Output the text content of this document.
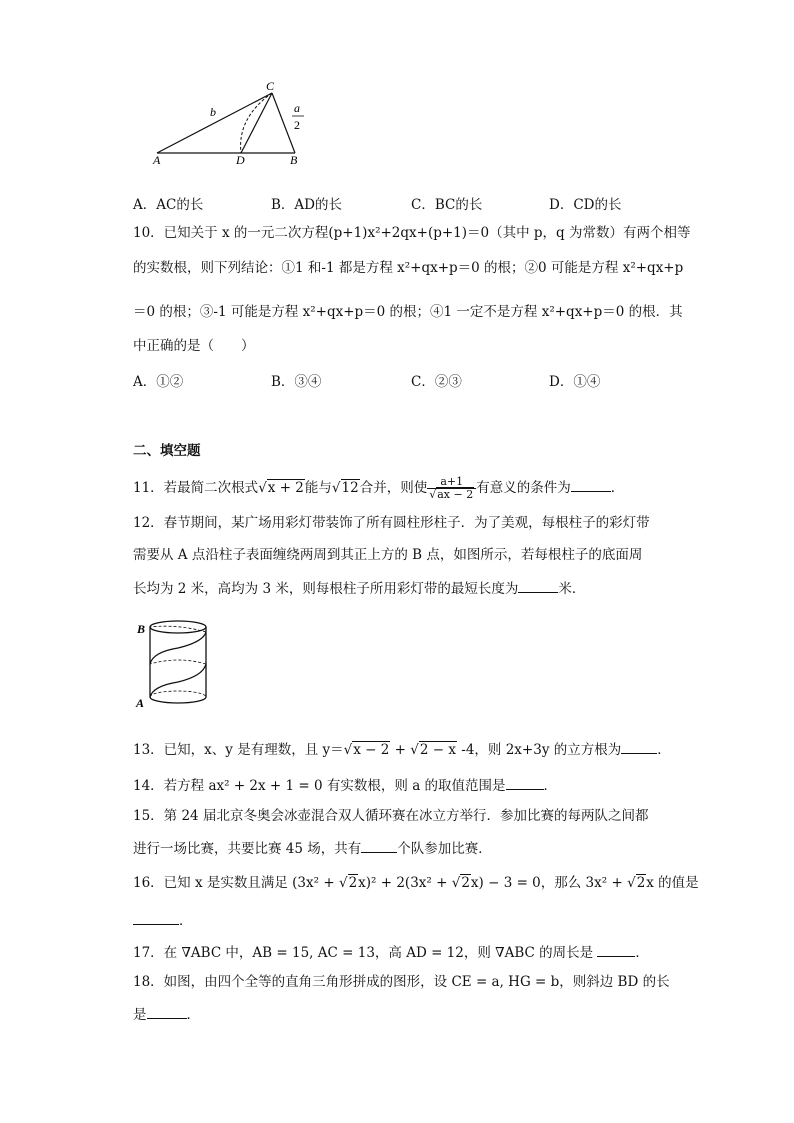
C
A	D	B
b	a
2
A．AC的长	B．AD的长	C．BC的长	D．CD的长
10．已知关于 x 的一元二次方程(p+1)x²+2qx+(p+1)＝0（其中 p，q 为常数）有两个相等
的实数根，则下列结论：①1 和-1 都是方程 x²+qx+p＝0 的根；②0 可能是方程 x²+qx+p
＝0 的根；③-1 可能是方程 x²+qx+p＝0 的根；④1 一定不是方程 x²+qx+p＝0 的根．其
中正确的是（　　）
A．①②	B．③④	C．②③	D．①④
二、填空题
11．若最简二次根式√x + 2能与√12合并，则使 $\frac{a+1}{√ax - 2}$ 有意义的条件为	．
12．春节期间，某广场用彩灯带装饰了所有圆柱形柱子．为了美观，每根柱子的彩灯带
需要从 A 点沿柱子表面缠绕两周到其正上方的 B 点，如图所示，若每根柱子的底面周
长均为 2 米，高均为 3 米，则每根柱子所用彩灯带的最短长度为	米．
B
A
13．已知，x、y 是有理数，且 y＝√x − 2 + √2 − x -4，则 2x+3y 的立方根为	．
14．若方程 ax² + 2x + 1 = 0 有实数根，则 a 的取值范围是	．
15．第 24 届北京冬奥会冰壶混合双人循环赛在冰立方举行．参加比赛的每两队之间都
进行一场比赛，共要比赛 45 场，共有	个队参加比赛．
16．已知 x 是实数且满足 (3x² + √2x)² + 2(3x² + √2x) − 3 = 0，那么 3x² + √2x 的值是
．
17．在 ∇ABC 中，AB = 15, AC = 13，高 AD = 12，则 ∇ABC 的周长是	．
18．如图，由四个全等的直角三角形拼成的图形，设 CE = a, HG = b，则斜边 BD 的长
是	．
